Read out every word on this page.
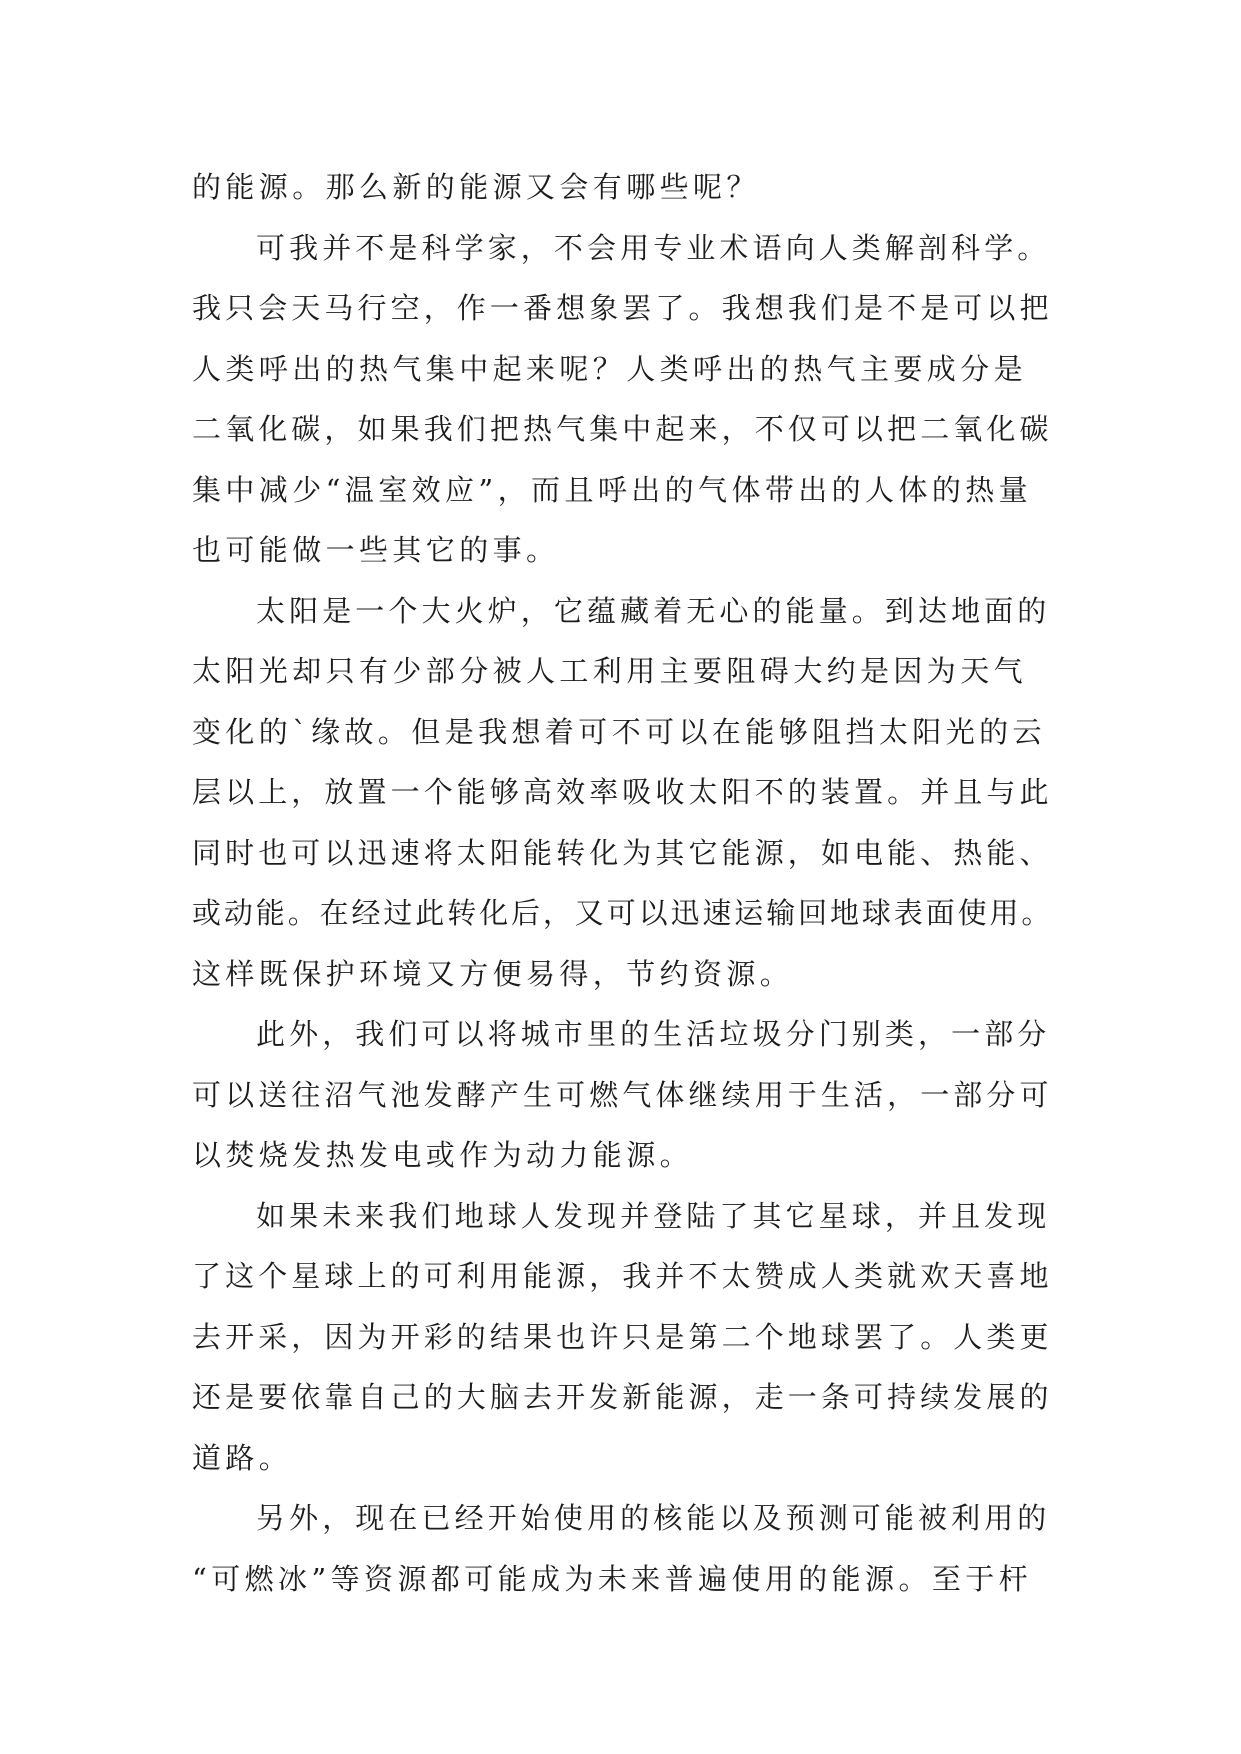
的能源。那么新的能源又会有哪些呢？
可我并不是科学家，不会用专业术语向人类解剖科学。
我只会天马行空，作一番想象罢了。我想我们是不是可以把
人类呼出的热气集中起来呢？人类呼出的热气主要成分是
二氧化碳，如果我们把热气集中起来，不仅可以把二氧化碳
集中减少“温室效应”，而且呼出的气体带出的人体的热量
也可能做一些其它的事。
太阳是一个大火炉，它蕴藏着无心的能量。到达地面的
太阳光却只有少部分被人工利用主要阻碍大约是因为天气
变化的`缘故。但是我想着可不可以在能够阻挡太阳光的云
层以上，放置一个能够高效率吸收太阳不的装置。并且与此
同时也可以迅速将太阳能转化为其它能源，如电能、热能、
或动能。在经过此转化后，又可以迅速运输回地球表面使用。
这样既保护环境又方便易得，节约资源。
此外，我们可以将城市里的生活垃圾分门别类，一部分
可以送往沼气池发酵产生可燃气体继续用于生活，一部分可
以焚烧发热发电或作为动力能源。
如果未来我们地球人发现并登陆了其它星球，并且发现
了这个星球上的可利用能源，我并不太赞成人类就欢天喜地
去开采，因为开彩的结果也许只是第二个地球罢了。人类更
还是要依靠自己的大脑去开发新能源，走一条可持续发展的
道路。
另外，现在已经开始使用的核能以及预测可能被利用的
“可燃冰”等资源都可能成为未来普遍使用的能源。至于杆
